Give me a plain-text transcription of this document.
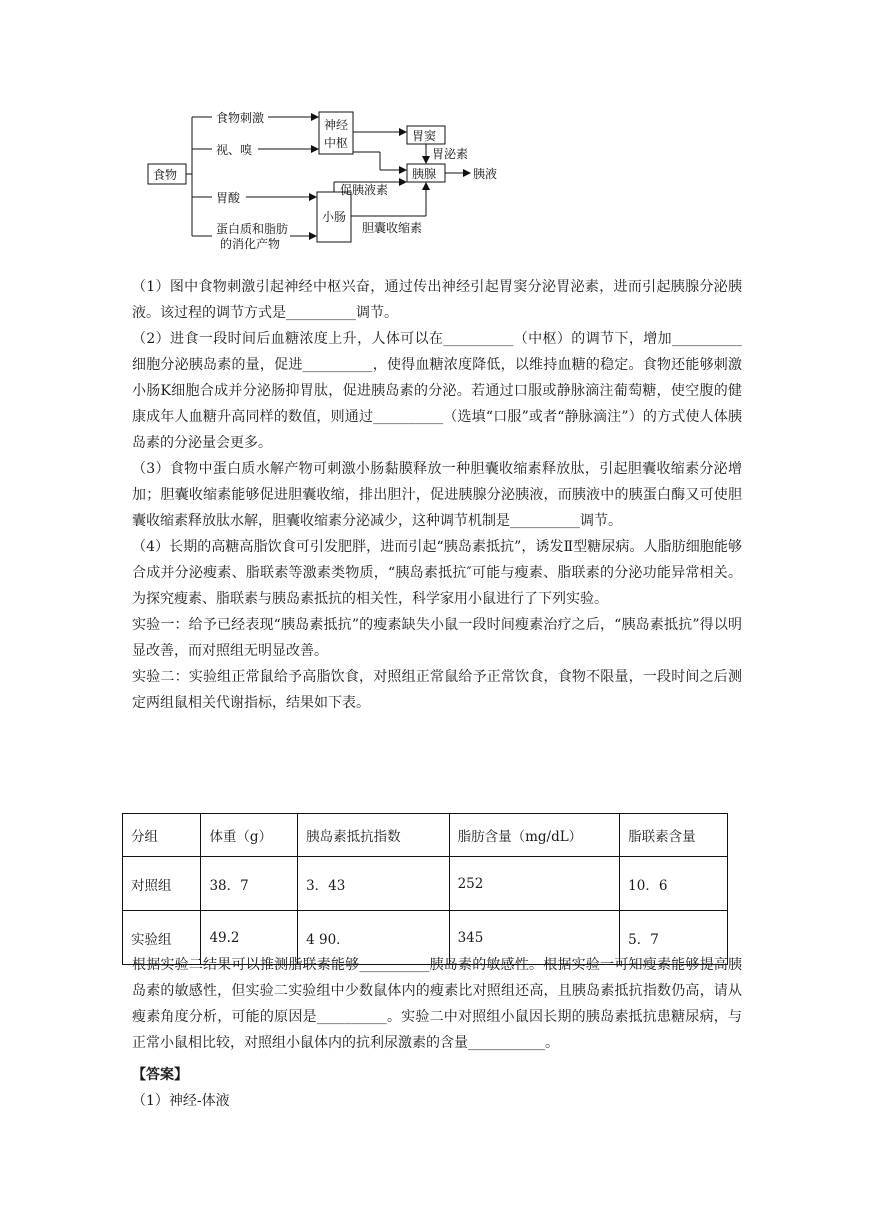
食物
食物刺激
视、嗅
胃酸
蛋白质和脂肪
的消化产物
神经
中枢	胃窦
胃泌素
胰腺	胰液
小肠
促胰液素
胆囊收缩素

（1）图中食物刺激引起神经中枢兴奋，通过传出神经引起胃窦分泌胃泌素，进而引起胰腺分泌胰液。该过程的调节方式是__________调节。

（2）进食一段时间后血糖浓度上升，人体可以在__________（中枢）的调节下，增加__________细胞分泌胰岛素的量，促进__________，使得血糖浓度降低，以维持血糖的稳定。食物还能够刺激小肠K细胞合成并分泌肠抑胃肽，促进胰岛素的分泌。若通过口服或静脉滴注葡萄糖，使空腹的健康成年人血糖升高同样的数值，则通过__________（选填“口服”或者“静脉滴注”）的方式使人体胰岛素的分泌量会更多。

（3）食物中蛋白质水解产物可刺激小肠黏膜释放一种胆囊收缩素释放肽，引起胆囊收缩素分泌增加；胆囊收缩素能够促进胆囊收缩，排出胆汁，促进胰腺分泌胰液，而胰液中的胰蛋白酶又可使胆囊收缩素释放肽水解，胆囊收缩素分泌减少，这种调节机制是__________调节。

（4）长期的高糖高脂饮食可引发肥胖，进而引起“胰岛素抵抗”，诱发Ⅱ型糖尿病。人脂肪细胞能够合成并分泌瘦素、脂联素等激素类物质，“胰岛素抵抗″可能与瘦素、脂联素的分泌功能异常相关。为探究瘦素、脂联素与胰岛素抵抗的相关性，科学家用小鼠进行了下列实验。

实验一：给予已经表现“胰岛素抵抗”的瘦素缺失小鼠一段时间瘦素治疗之后，“胰岛素抵抗”得以明显改善，而对照组无明显改善。

实验二：实验组正常鼠给予高脂饮食，对照组正常鼠给予正常饮食，食物不限量，一段时间之后测定两组鼠相关代谢指标，结果如下表。

分组	体重（g）	胰岛素抵抗指数	脂肪含量（mg/dL）	脂联素含量
对照组	38．7	3．43	252	10．6
实验组	49.2	4 90．	345	5．7

根据实验二结果可以推测脂联素能够__________胰岛素的敏感性。根据实验一可知瘦素能够提高胰岛素的敏感性，但实验二实验组中少数鼠体内的瘦素比对照组还高，且胰岛素抵抗指数仍高，请从瘦素角度分析，可能的原因是__________。实验二中对照组小鼠因长期的胰岛素抵抗患糖尿病，与正常小鼠相比较，对照组小鼠体内的抗利尿激素的含量___________。

【答案】

（1）神经-体液
